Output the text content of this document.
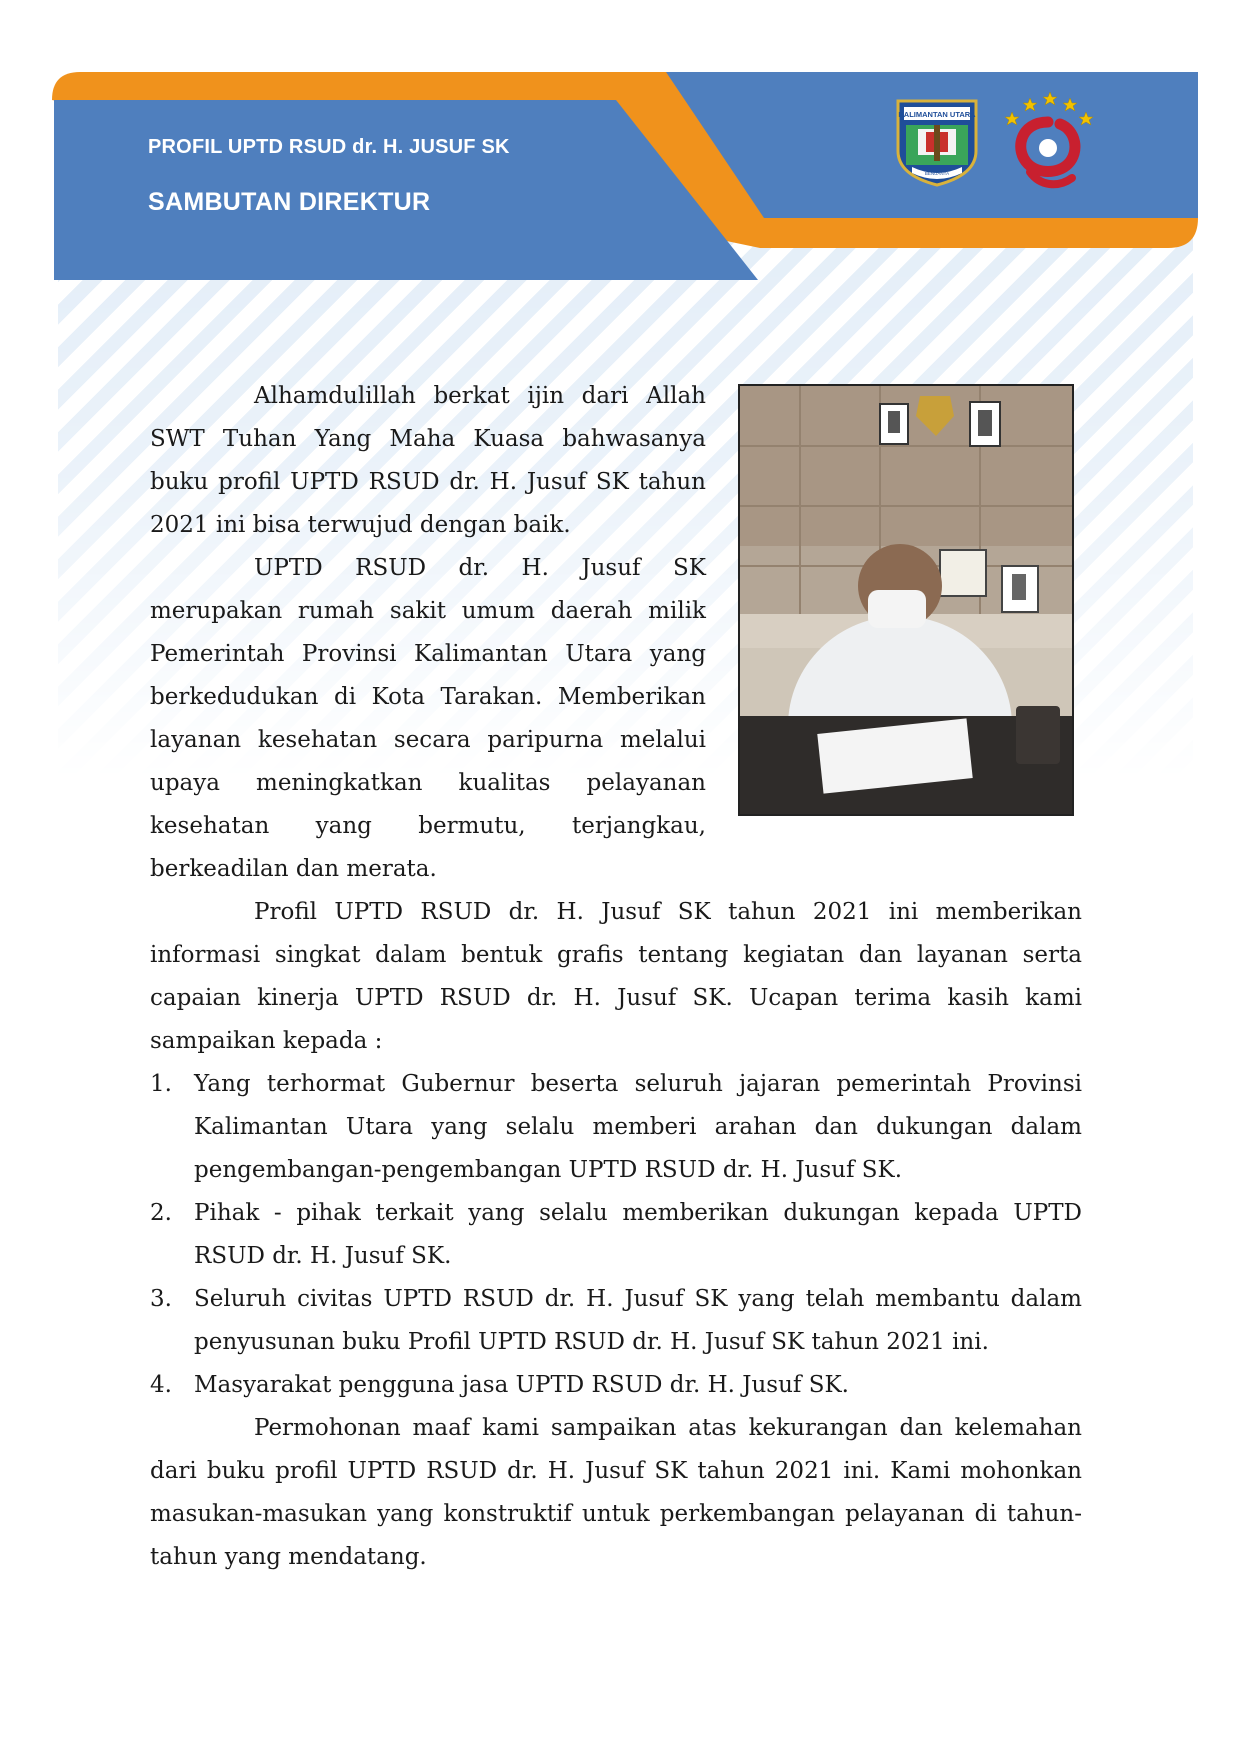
PROFIL UPTD RSUD dr. H. JUSUF SK
SAMBUTAN DIREKTUR
KALIMANTAN UTARA
BENUANTA

Alhamdulillah berkat ijin dari Allah SWT Tuhan Yang Maha Kuasa bahwasanya buku profil UPTD RSUD dr. H. Jusuf SK tahun 2021 ini bisa terwujud dengan baik.

UPTD RSUD dr. H. Jusuf SK merupakan rumah sakit umum daerah milik Pemerintah Provinsi Kalimantan Utara yang berkedudukan di Kota Tarakan. Memberikan layanan kesehatan secara paripurna melalui upaya meningkatkan kualitas pelayanan kesehatan yang bermutu, terjangkau, berkeadilan dan merata.

Profil UPTD RSUD dr. H. Jusuf SK tahun 2021 ini memberikan informasi singkat dalam bentuk grafis tentang kegiatan dan layanan serta capaian kinerja UPTD RSUD dr. H. Jusuf SK. Ucapan terima kasih kami sampaikan kepada :

1. Yang terhormat Gubernur beserta seluruh jajaran pemerintah Provinsi Kalimantan Utara yang selalu memberi arahan dan dukungan dalam pengembangan-pengembangan UPTD RSUD dr. H. Jusuf SK.
2. Pihak - pihak terkait yang selalu memberikan dukungan kepada UPTD RSUD dr. H. Jusuf SK.
3. Seluruh civitas UPTD RSUD dr. H. Jusuf SK yang telah membantu dalam penyusunan buku Profil UPTD RSUD dr. H. Jusuf SK tahun 2021 ini.
4. Masyarakat pengguna jasa UPTD RSUD dr. H. Jusuf SK.

Permohonan maaf kami sampaikan atas kekurangan dan kelemahan dari buku profil UPTD RSUD dr. H. Jusuf SK tahun 2021 ini. Kami mohonkan masukan-masukan yang konstruktif untuk perkembangan pelayanan di tahun- tahun yang mendatang.
